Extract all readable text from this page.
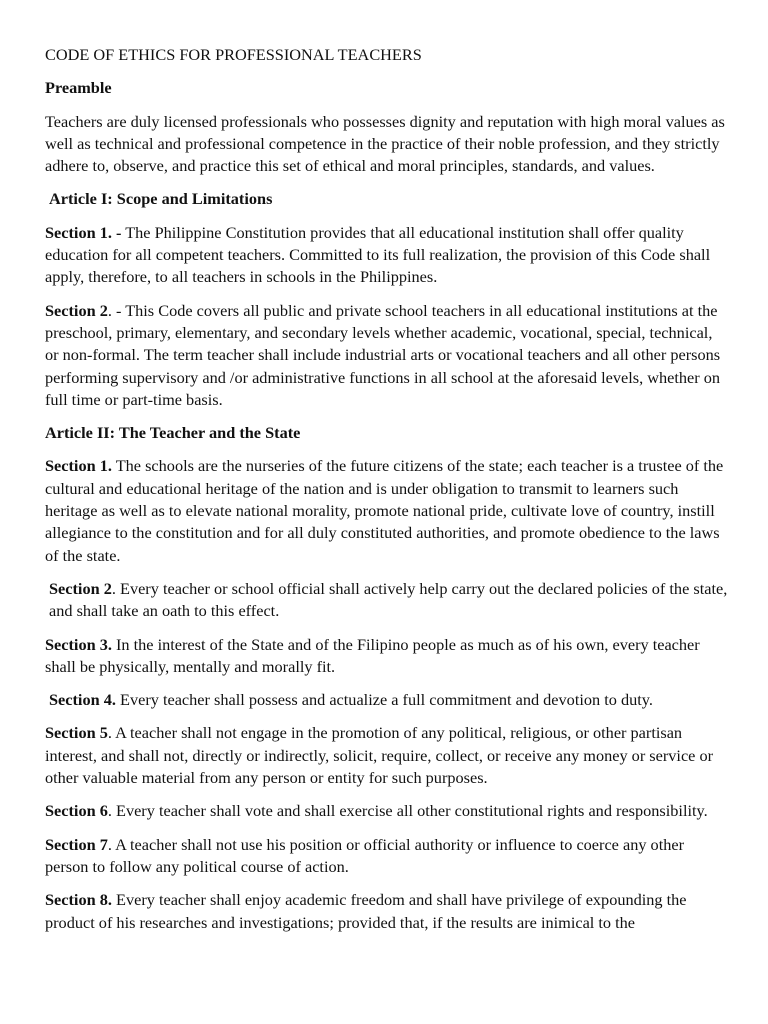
CODE OF ETHICS FOR PROFESSIONAL TEACHERS
Preamble

Teachers are duly licensed professionals who possesses dignity and reputation with high moral values as well as technical and professional competence in the practice of their noble profession, and they strictly adhere to, observe, and practice this set of ethical and moral principles, standards, and values.

Article I: Scope and Limitations

Section 1. - The Philippine Constitution provides that all educational institution shall offer quality education for all competent teachers. Committed to its full realization, the provision of this Code shall apply, therefore, to all teachers in schools in the Philippines.

Section 2. - This Code covers all public and private school teachers in all educational institutions at the preschool, primary, elementary, and secondary levels whether academic, vocational, special, technical, or non-formal. The term teacher shall include industrial arts or vocational teachers and all other persons performing supervisory and /or administrative functions in all school at the aforesaid levels, whether on full time or part-time basis.

Article II: The Teacher and the State

Section 1. The schools are the nurseries of the future citizens of the state; each teacher is a trustee of the cultural and educational heritage of the nation and is under obligation to transmit to learners such heritage as well as to elevate national morality, promote national pride, cultivate love of country, instill allegiance to the constitution and for all duly constituted authorities, and promote obedience to the laws of the state.

Section 2. Every teacher or school official shall actively help carry out the declared policies of the state, and shall take an oath to this effect.

Section 3. In the interest of the State and of the Filipino people as much as of his own, every teacher shall be physically, mentally and morally fit.

Section 4. Every teacher shall possess and actualize a full commitment and devotion to duty.

Section 5. A teacher shall not engage in the promotion of any political, religious, or other partisan interest, and shall not, directly or indirectly, solicit, require, collect, or receive any money or service or other valuable material from any person or entity for such purposes.

Section 6. Every teacher shall vote and shall exercise all other constitutional rights and responsibility.

Section 7. A teacher shall not use his position or official authority or influence to coerce any other person to follow any political course of action.

Section 8. Every teacher shall enjoy academic freedom and shall have privilege of expounding the product of his researches and investigations; provided that, if the results are inimical to the
